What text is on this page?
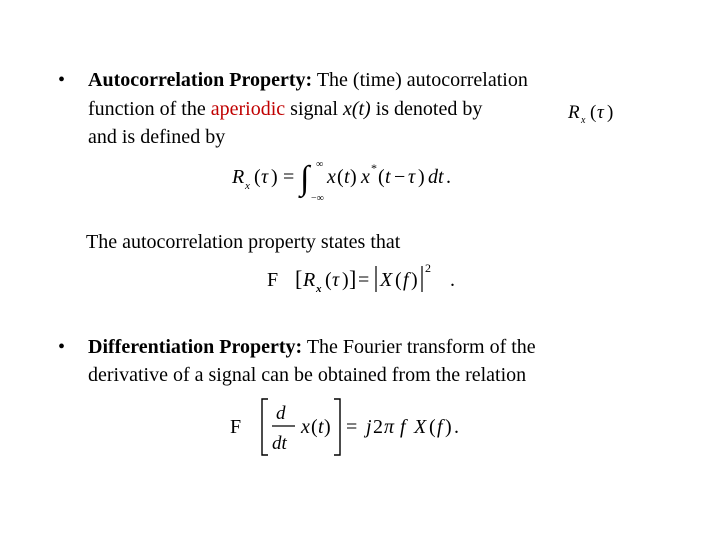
• Autocorrelation Property: The (time) autocorrelation
function of the aperiodic signal x(t) is denoted by	R x ( τ )
and is defined by
R x ( τ ) = ∫ ∞
−∞
x ( t ) x * ( t − τ ) dt .
The autocorrelation property states that
F [ R x ( τ ) ] = X ( f )
2
.
• Differentiation Property: The Fourier transform of the
derivative of a signal can be obtained from the relation
F
d
dt
x ( t ) = j 2 π f X ( f ) .
